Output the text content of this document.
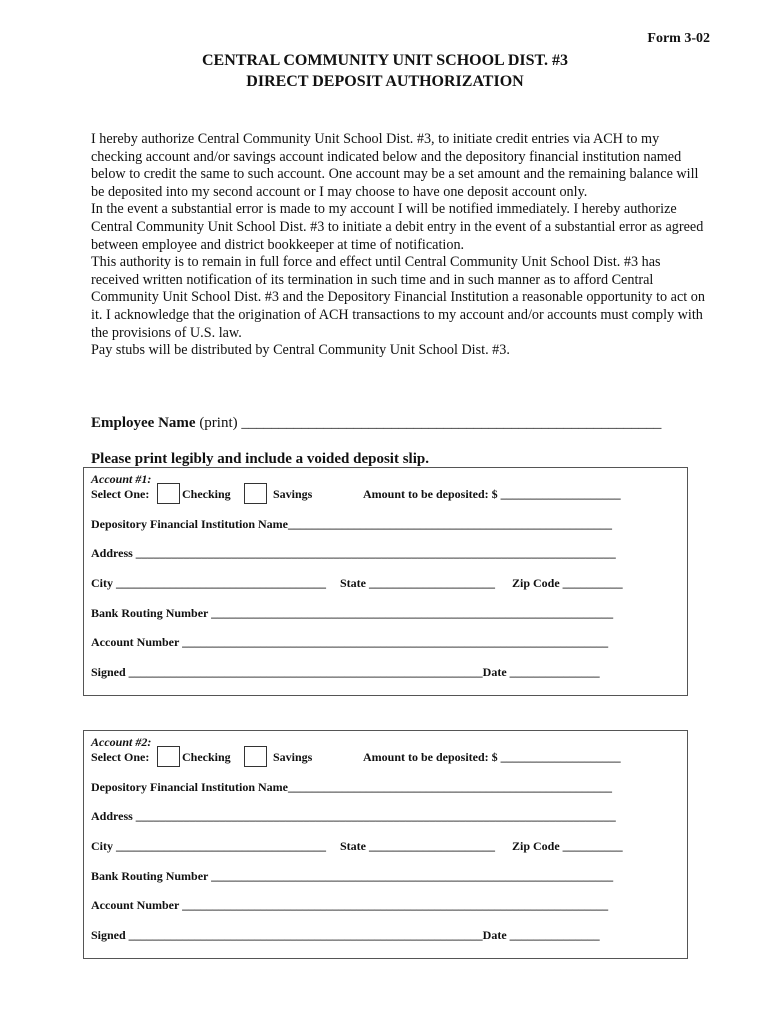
Form 3-02
CENTRAL COMMUNITY UNIT SCHOOL DIST. #3
DIRECT DEPOSIT AUTHORIZATION

I hereby authorize Central Community Unit School Dist. #3, to initiate credit entries via ACH to my checking account and/or savings account indicated below and the depository financial institution named below to credit the same to such account. One account may be a set amount and the remaining balance will be deposited into my second account or I may choose to have one deposit account only.

In the event a substantial error is made to my account I will be notified immediately. I hereby authorize Central Community Unit School Dist. #3 to initiate a debit entry in the event of a substantial error as agreed between employee and district bookkeeper at time of notification.

This authority is to remain in full force and effect until Central Community Unit School Dist. #3 has received written notification of its termination in such time and in such manner as to afford Central Community Unit School Dist. #3 and the Depository Financial Institution a reasonable opportunity to act on it. I acknowledge that the origination of ACH transactions to my account and/or accounts must comply with the provisions of U.S. law.

Pay stubs will be distributed by Central Community Unit School Dist. #3.

Employee Name (print) ________________________________________________________
Please print legibly and include a voided deposit slip.
Account #1:
Select One:	Checking	Savings	Amount to be deposited: $ ____________________
Depository Financial Institution Name______________________________________________________
Address ________________________________________________________________________________
City ___________________________________ State _____________________ Zip Code __________
Bank Routing Number ___________________________________________________________________
Account Number _______________________________________________________________________
Signed ___________________________________________________________Date _______________
Account #2:
Select One:	Checking	Savings	Amount to be deposited: $ ____________________
Depository Financial Institution Name______________________________________________________
Address ________________________________________________________________________________
City ___________________________________ State _____________________ Zip Code __________
Bank Routing Number ___________________________________________________________________
Account Number _______________________________________________________________________
Signed ___________________________________________________________Date _______________
